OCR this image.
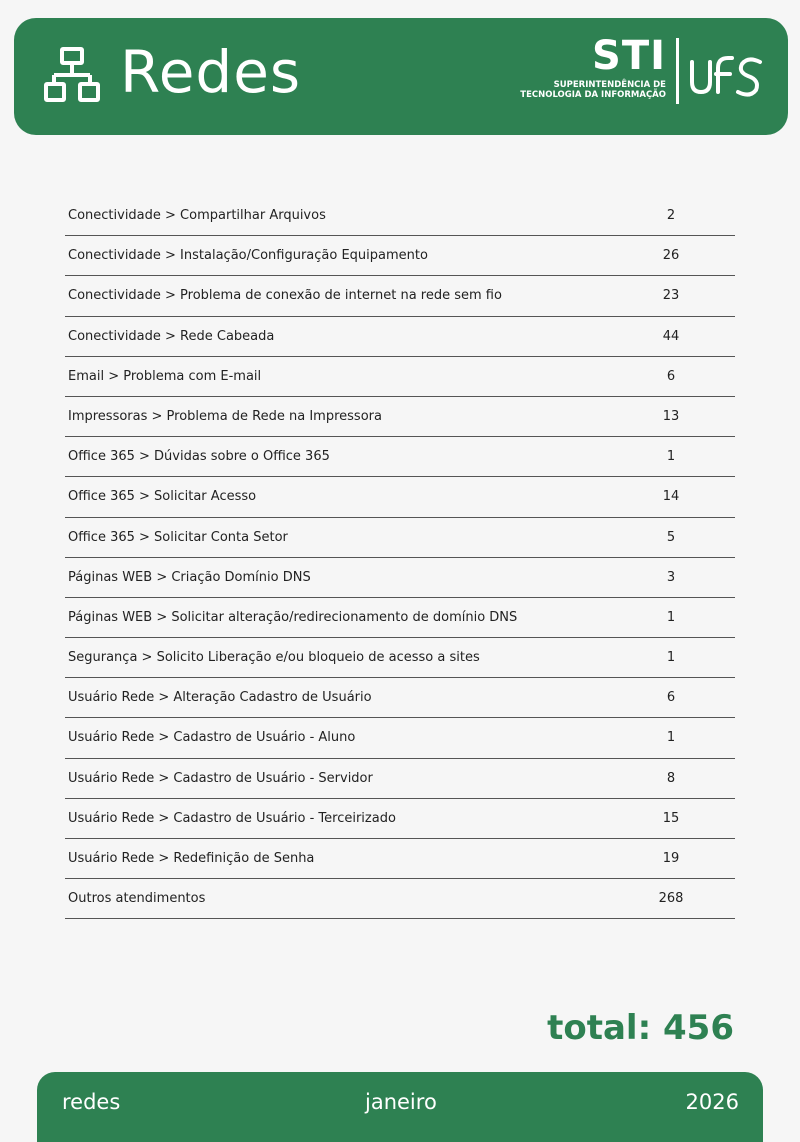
Redes	STI
SUPERINTENDÊNCIA DE
TECNOLOGIA DA INFORMAÇÃO
Conectividade > Compartilhar Arquivos	2
Conectividade > Instalação/Configuração Equipamento	26
Conectividade > Problema de conexão de internet na rede sem fio	23
Conectividade > Rede Cabeada	44
Email > Problema com E-mail	6
Impressoras > Problema de Rede na Impressora	13
Office 365 > Dúvidas sobre o Office 365	1
Office 365 > Solicitar Acesso	14
Office 365 > Solicitar Conta Setor	5
Páginas WEB > Criação Domínio DNS	3
Páginas WEB > Solicitar alteração/redirecionamento de domínio DNS	1
Segurança > Solicito Liberação e/ou bloqueio de acesso a sites	1
Usuário Rede > Alteração Cadastro de Usuário	6
Usuário Rede > Cadastro de Usuário - Aluno	1
Usuário Rede > Cadastro de Usuário - Servidor	8
Usuário Rede > Cadastro de Usuário - Terceirizado	15
Usuário Rede > Redefinição de Senha	19
Outros atendimentos	268
total: 456
redes	janeiro	2026
